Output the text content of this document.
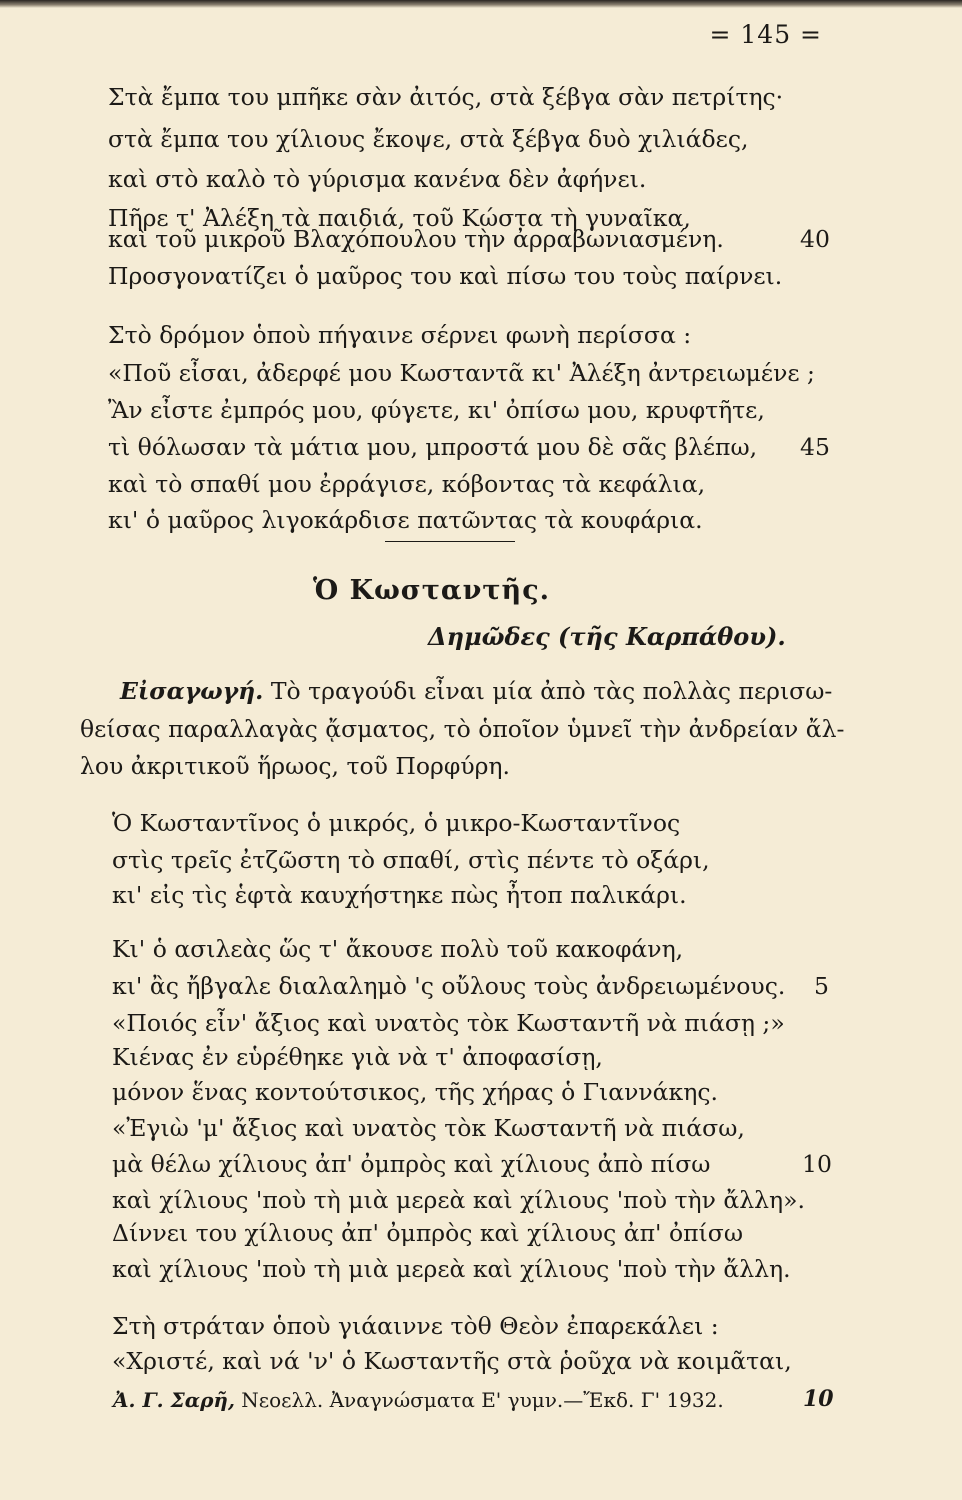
= 145 =
Στὰ ἔμπα του μπῆκε σὰν ἀιτός, στὰ ξέβγα σὰν πετρίτης·
στὰ ἔμπα του χίλιους ἔκοψε, στὰ ξέβγα δυὸ χιλιάδες,
καὶ στὸ καλὸ τὸ γύρισμα κανένα δὲν ἀφήνει.
Πῆρε τ' Ἀλέξη τὰ παιδιά, τοῦ Κώστα τὴ γυναῖκα,
καὶ τοῦ μικροῦ Βλαχόπουλου τὴν ἀρραβωνιασμένη.
Προσγονατίζει ὁ μαῦρος του καὶ πίσω του τοὺς παίρνει.
40
Στὸ δρόμον ὁποὺ πήγαινε σέρνει φωνὴ περίσσα :
«Ποῦ εἶσαι, ἀδερφέ μου Κωσταντᾶ κι' Ἀλέξη ἀντρειωμένε ;
Ἂν εἶστε ἐμπρός μου, φύγετε, κι' ὀπίσω μου, κρυφτῆτε,
τὶ θόλωσαν τὰ μάτια μου, μπροστά μου δὲ σᾶς βλέπω,
καὶ τὸ σπαθί μου ἐρράγισε, κόβοντας τὰ κεφάλια,
κι' ὁ μαῦρος λιγοκάρδισε πατῶντας τὰ κουφάρια.
45
Ὁ Κωσταντῆς.
Δημῶδες (τῆς Καρπάθου).
Εἰσαγωγή. Τὸ τραγούδι εἶναι μία ἀπὸ τὰς πολλὰς περισω-
θείσας παραλλαγὰς ᾄσματος, τὸ ὁποῖον ὑμνεῖ τὴν ἀνδρείαν ἄλ-
λου ἀκριτικοῦ ἥρωος, τοῦ Πορφύρη.
Ὁ Κωσταντῖνος ὁ μικρός, ὁ μικρο-Κωσταντῖνος
στὶς τρεῖς ἐτζῶστη τὸ σπαθί, στὶς πέντε τὸ οξάρι,
κι' εἰς τὶς ἑφτὰ καυχήστηκε πὼς ἦτοπ παλικάρι.
Κι' ὁ ασιλεὰς ὥς τ' ἄκουσε πολὺ τοῦ κακοφάνη,
κι' ἂς ἤβγαλε διαλαλημὸ 'ς οὔλους τοὺς ἀνδρειωμένους.
«Ποιός εἶν' ἄξιος καὶ υνατὸς τὸκ Κωσταντῆ νὰ πιάσῃ ;»
Κιένας ἐν εὑρέθηκε γιὰ νὰ τ' ἀποφασίσῃ,
μόνον ἕνας κοντούτσικος, τῆς χήρας ὁ Γιαννάκης.
«Ἐγιὼ 'μ' ἄξιος καὶ υνατὸς τὸκ Κωσταντῆ νὰ πιάσω,
μὰ θέλω χίλιους ἀπ' ὀμπρὸς καὶ χίλιους ἀπὸ πίσω
καὶ χίλιους 'ποὺ τὴ μιὰ μερεὰ καὶ χίλιους 'ποὺ τὴν ἄλλη».
Δίννει του χίλιους ἀπ' ὀμπρὸς καὶ χίλιους ἀπ' ὀπίσω
καὶ χίλιους 'ποὺ τὴ μιὰ μερεὰ καὶ χίλιους 'ποὺ τὴν ἄλλη.
5
10
Στὴ στράταν ὁποὺ γιάαιννε τὸθ Θεὸν ἐπαρεκάλει :
«Χριστέ, καὶ νά 'ν' ὁ Κωσταντῆς στὰ ῥοῦχα νὰ κοιμᾶται,
Ἀ. Γ. Σαρῆ, Νεοελλ. Ἀναγνώσματα Ε' γυμν.—Ἔκδ. Γ' 1932.	10
